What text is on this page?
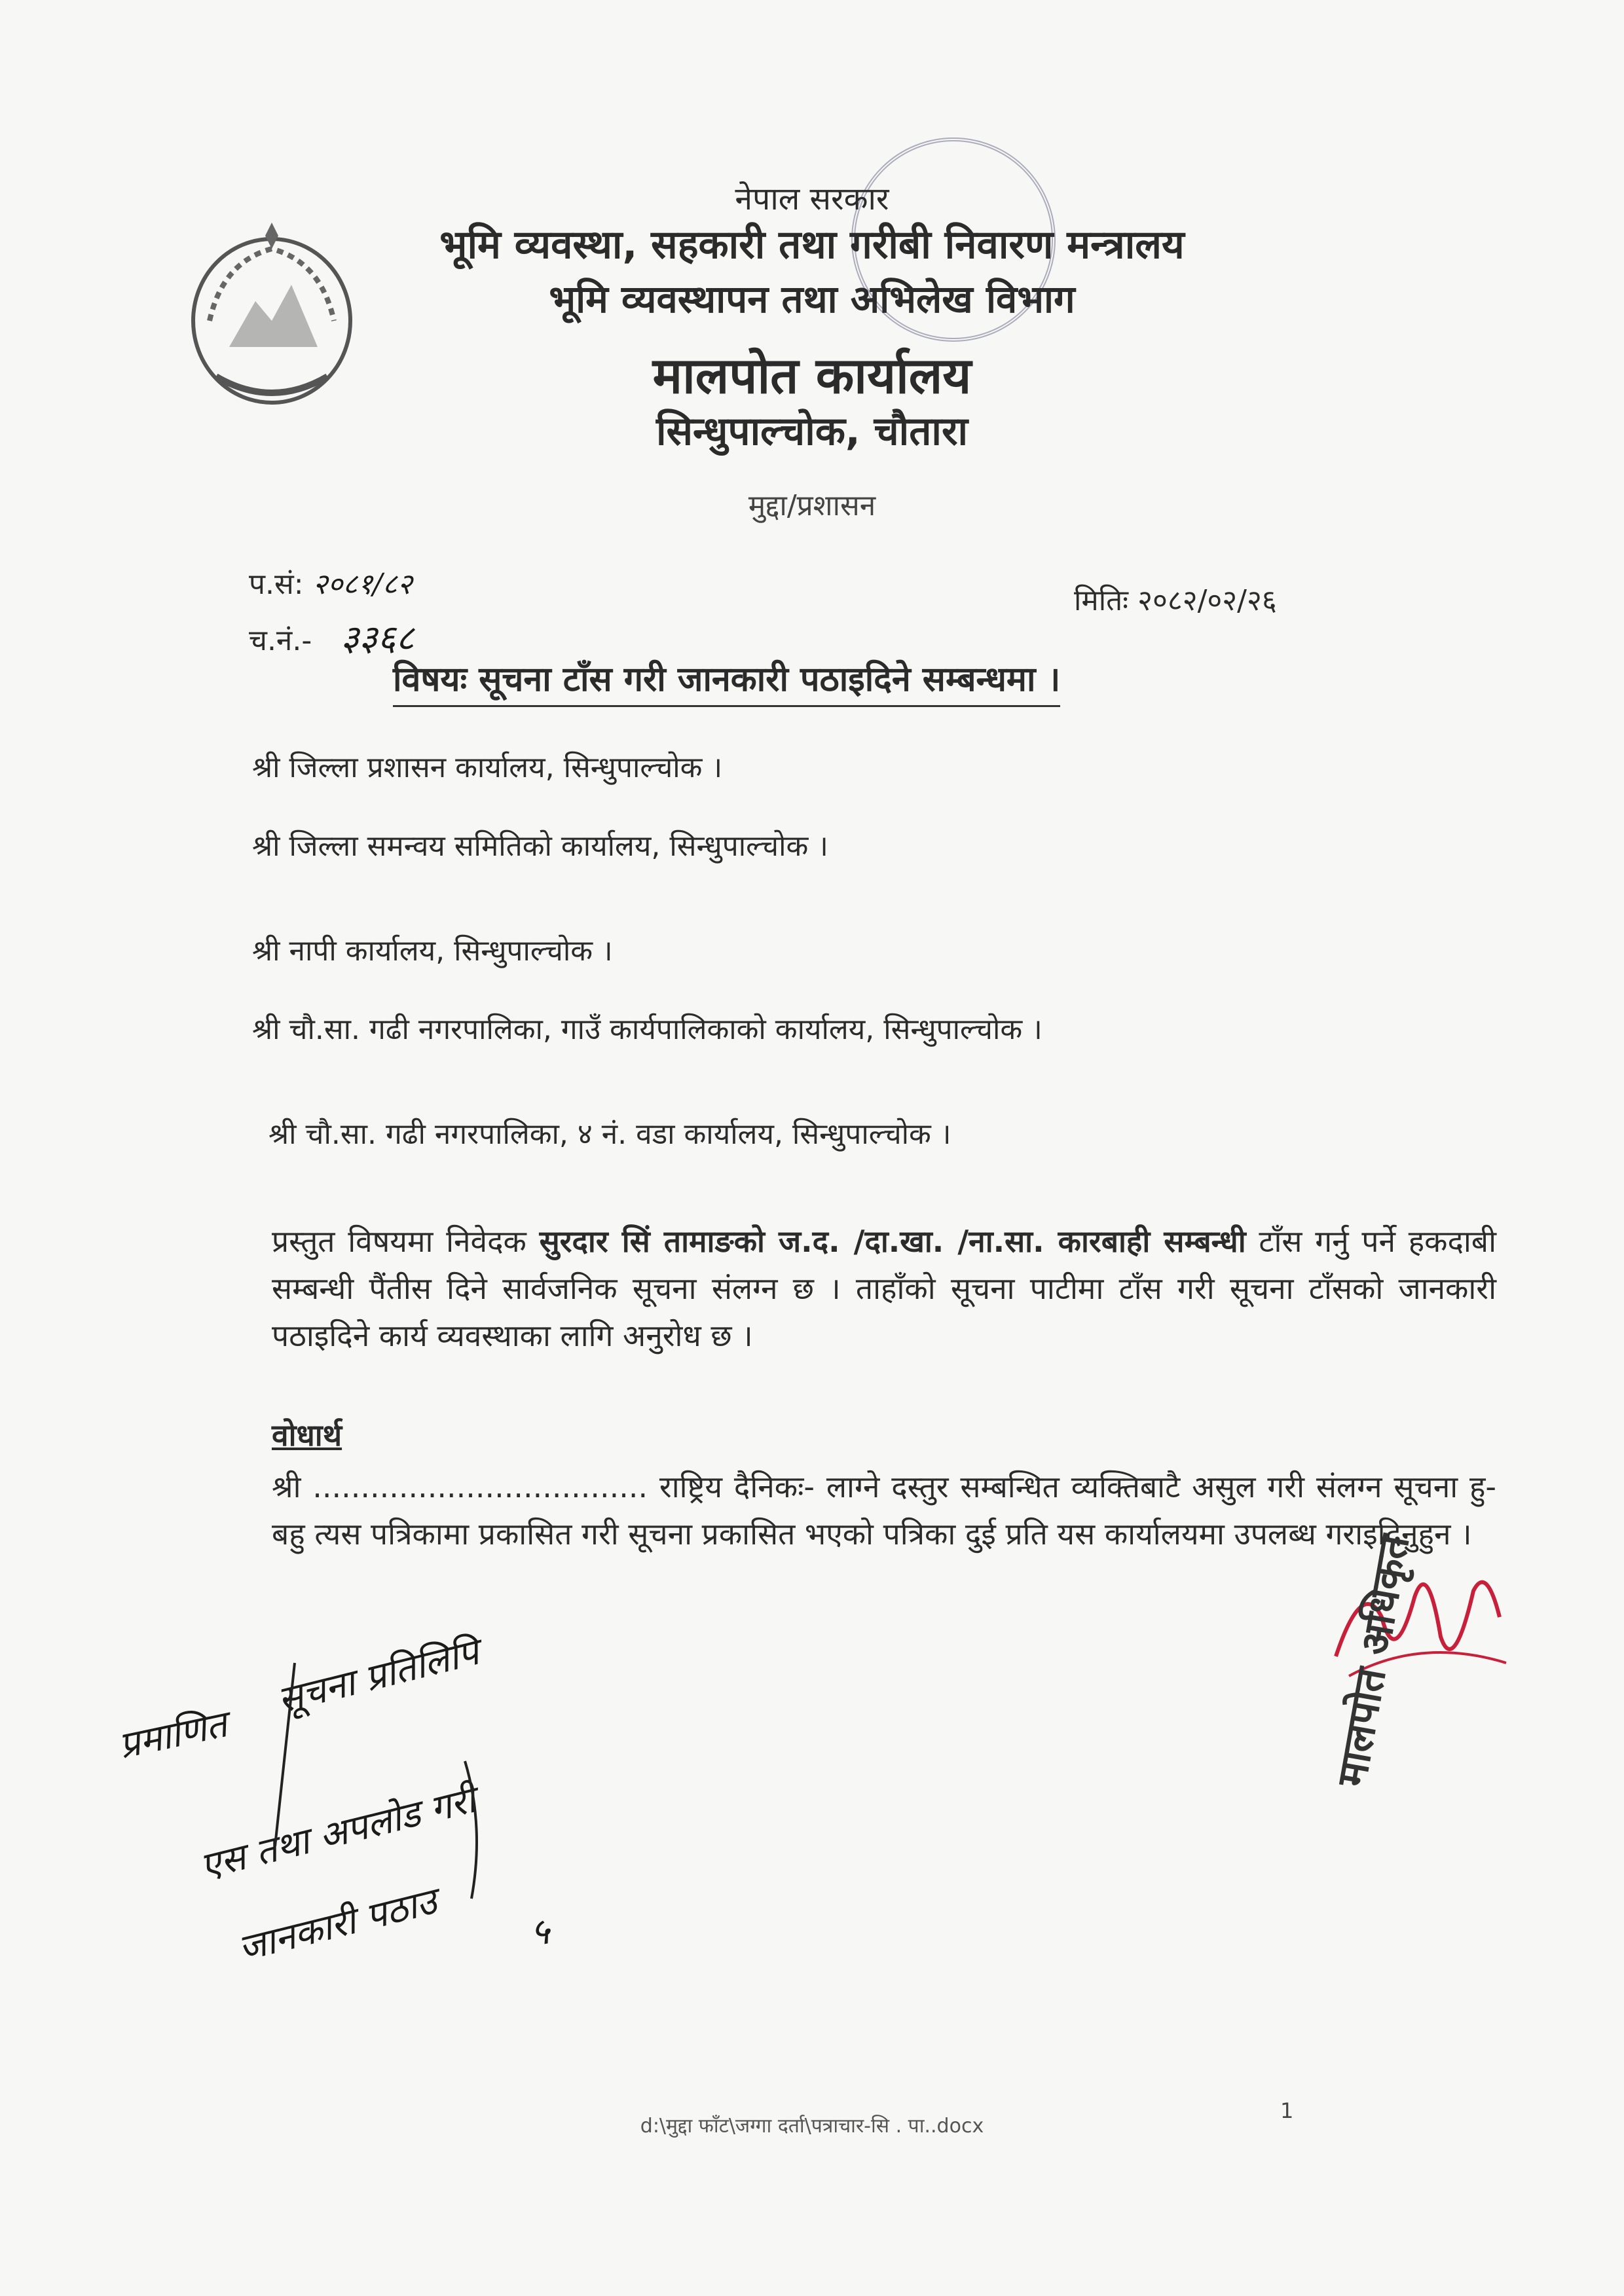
नेपाल सरकार
भूमि व्यवस्था, सहकारी तथा गरीबी निवारण मन्त्रालय
भूमि व्यवस्थापन तथा अभिलेख विभाग
मालपोत कार्यालय
सिन्धुपाल्चोक, चौतारा
मुद्दा/प्रशासन
प.सं: २०८१/८२
च.नं.- ३३६८
मितिः २०८२/०२/२६
विषयः सूचना टाँस गरी जानकारी पठाइदिने सम्बन्धमा ।
श्री जिल्ला प्रशासन कार्यालय, सिन्धुपाल्चोक ।
श्री जिल्ला समन्वय समितिको कार्यालय, सिन्धुपाल्चोक ।
श्री नापी कार्यालय, सिन्धुपाल्चोक ।
श्री चौ.सा. गढी नगरपालिका, गाउँ कार्यपालिकाको कार्यालय, सिन्धुपाल्चोक ।
श्री चौ.सा. गढी नगरपालिका, ४ नं. वडा कार्यालय, सिन्धुपाल्चोक ।
प्रस्तुत विषयमा निवेदक सुरदार सिं तामाङको ज.द. /दा.खा. /ना.सा. कारबाही सम्बन्धी टाँस गर्नु पर्ने हकदाबी सम्बन्धी पैंतीस दिने सार्वजनिक सूचना संलग्न छ । ताहाँको सूचना पाटीमा टाँस गरी सूचना टाँसको जानकारी पठाइदिने कार्य व्यवस्थाका लागि अनुरोध छ ।
वोधार्थ
श्री ................................... राष्ट्रिय दैनिकः- लाग्ने दस्तुर सम्बन्धित व्यक्तिबाटै असुल गरी संलग्न सूचना हु-बहु त्यस पत्रिकामा प्रकासित गरी सूचना प्रकासित भएको पत्रिका दुई प्रति यस कार्यालयमा उपलब्ध गराइदिनुहुन ।
मालपोत अधिकृत
प्रमाणित
सूचना प्रतिलिपि
एस तथा अपलोड गरी
जानकारी पठाउ ५
1
d:\मुद्दा फाँट\जग्गा दर्ता\पत्राचार-सि . पा..docx
